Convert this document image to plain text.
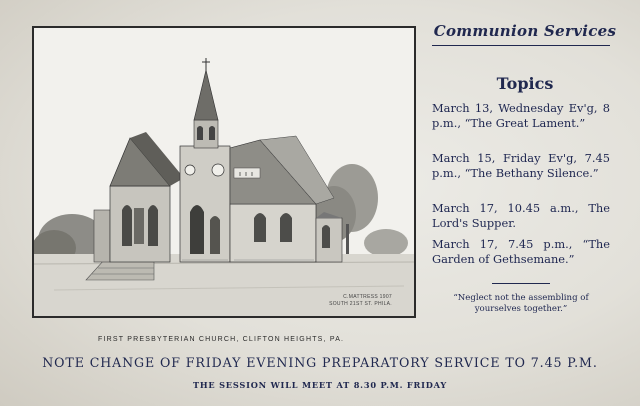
C.MATTRESS 1907
SOUTH 21ST ST. PHILA.
FIRST PRESBYTERIAN CHURCH, CLIFTON HEIGHTS, PA.
Communion Services
Topics
March 13, Wednesday Ev'g, 8 p.m., “The Great Lament.”
March 15, Friday Ev'g, 7.45 p.m., “The Bethany Silence.”
March 17, 10.45 a.m., The Lord's Supper.
March 17, 7.45 p.m., “The Garden of Gethsemane.”
“Neglect not the assembling of yourselves together.”
NOTE CHANGE OF FRIDAY EVENING PREPARATORY SERVICE TO 7.45 P.M.
THE SESSION WILL MEET AT 8.30 P.M. FRIDAY
